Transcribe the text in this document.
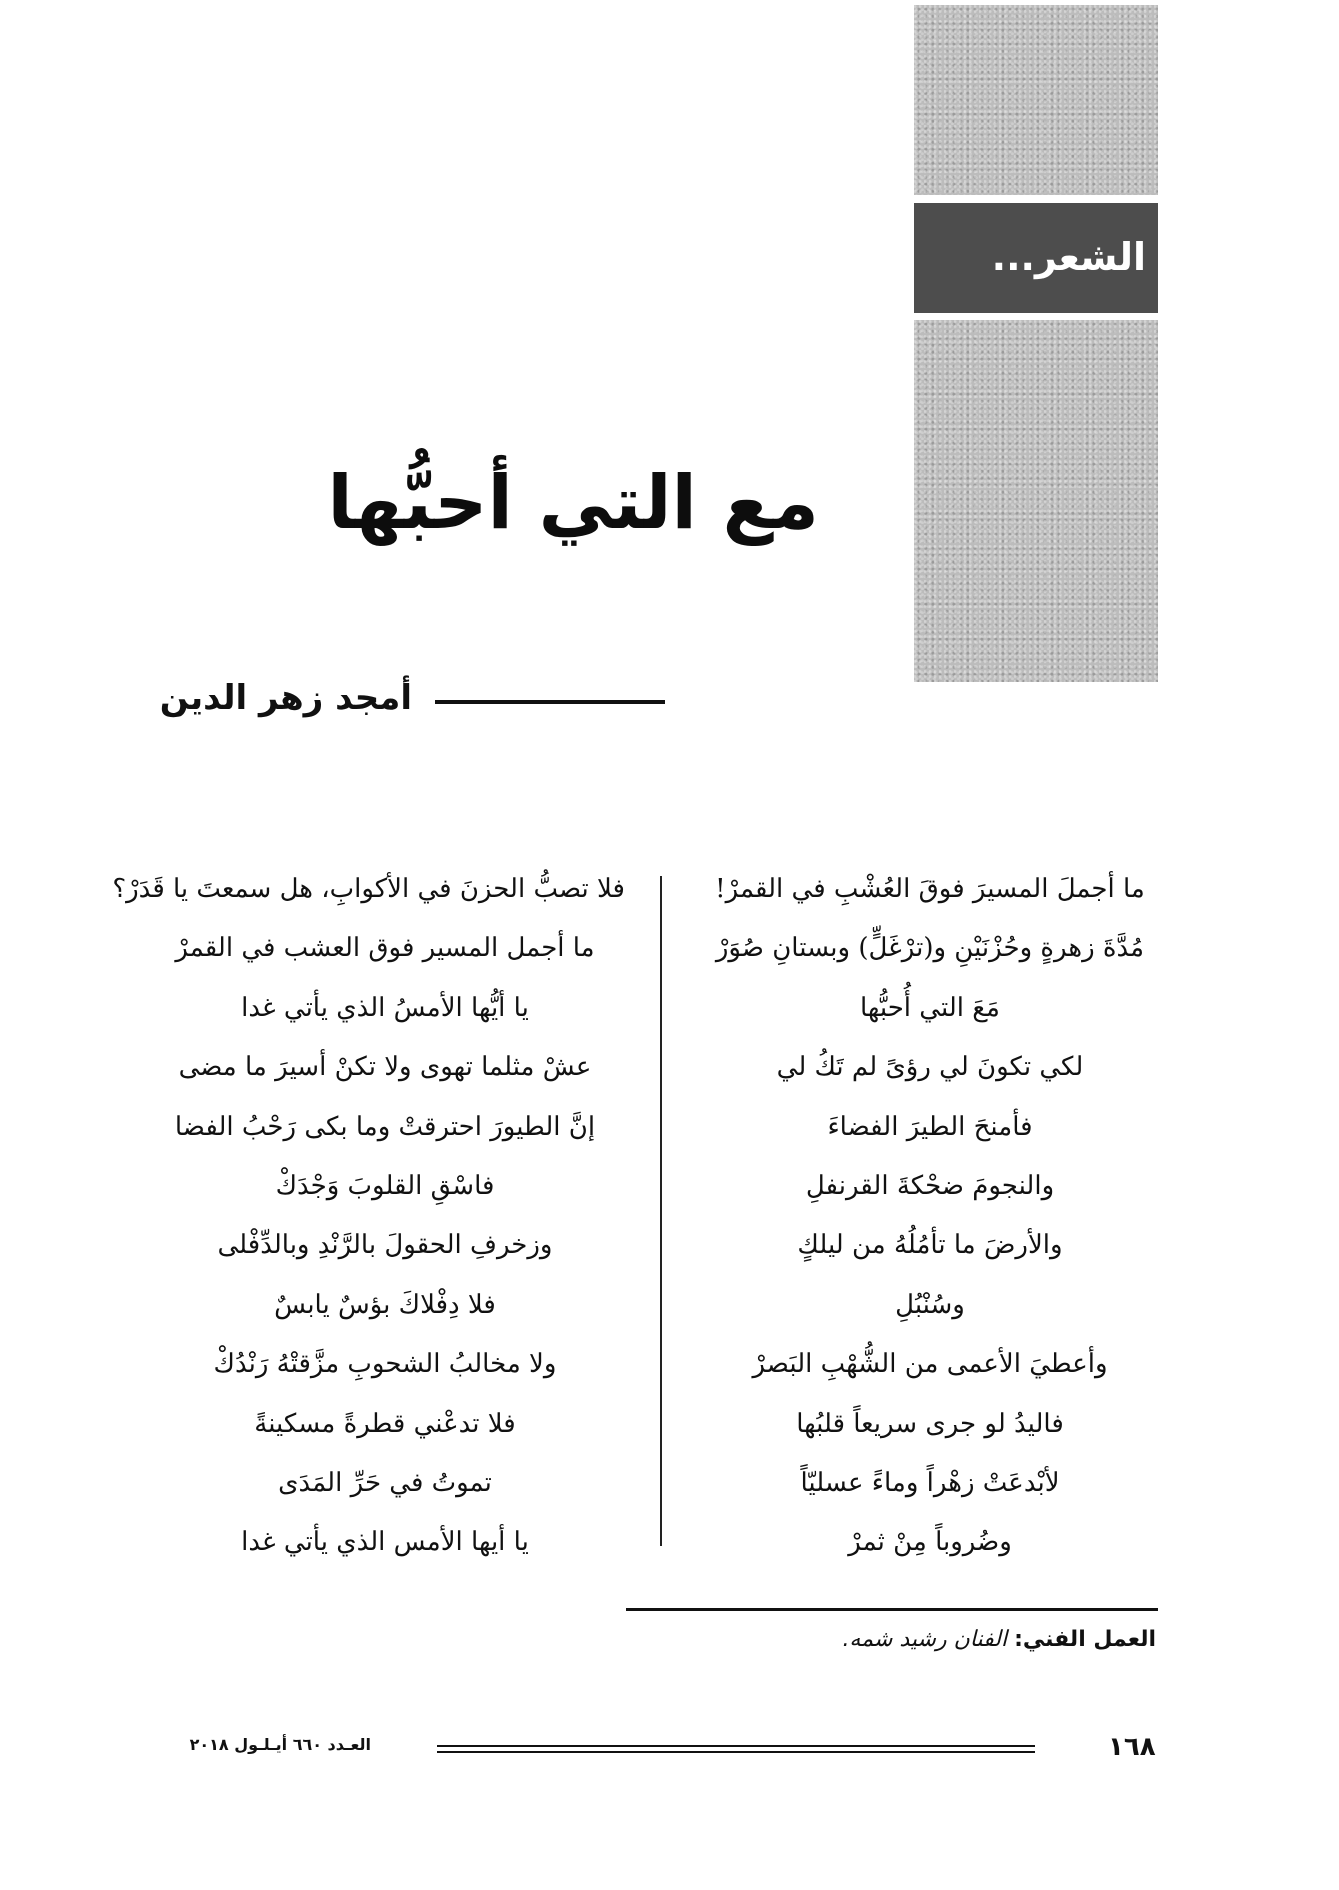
الشعر...
مع التي أحبُّها
أمجد زهر الدين
ما أجملَ المسيرَ فوقَ العُشْبِ في القمرْ!
مُدَّةَ زهرةٍ وحُزْنَيْنِ و(ترْغَلٍّ) وبستانِ صُوَرْ
مَعَ التي أُحبُّها
لكي تكونَ لي رؤىً لم تَكُ لي
فأمنحَ الطيرَ الفضاءَ
والنجومَ ضحْكةَ القرنفلِ
والأرضَ ما تأمُلُهُ من ليلكٍ
وسُنْبُلِ
وأعطيَ الأعمى من الشُّهْبِ البَصرْ
فاليدُ لو جرى سريعاً قلبُها
لأبْدعَتْ زهْراً وماءً عسليّاً
وضُروباً مِنْ ثمرْ
فلا تصبُّ الحزنَ في الأكوابِ، هل سمعتَ يا قَدَرْ؟
ما أجمل المسير فوق العشب في القمرْ
يا أيُّها الأمسُ الذي يأتي غدا
عشْ مثلما تهوى ولا تكنْ أسيرَ ما مضى
إنَّ الطيورَ احترقتْ وما بكى رَحْبُ الفضا
فاسْقِ القلوبَ وَجْدَكْ
وزخرفِ الحقولَ بالرَّنْدِ وبالدِّفْلى
فلا دِفْلاكَ بؤسٌ يابسٌ
ولا مخالبُ الشحوبِ مزَّقتْهُ رَنْدُكْ
فلا تدعْني قطرةً مسكينةً
تموتُ في حَرِّ المَدَى
يا أيها الأمس الذي يأتي غدا
العمل الفني: الفنان رشيد شمه.
١٦٨
العـدد ٦٦٠ أيـلـول ٢٠١٨
